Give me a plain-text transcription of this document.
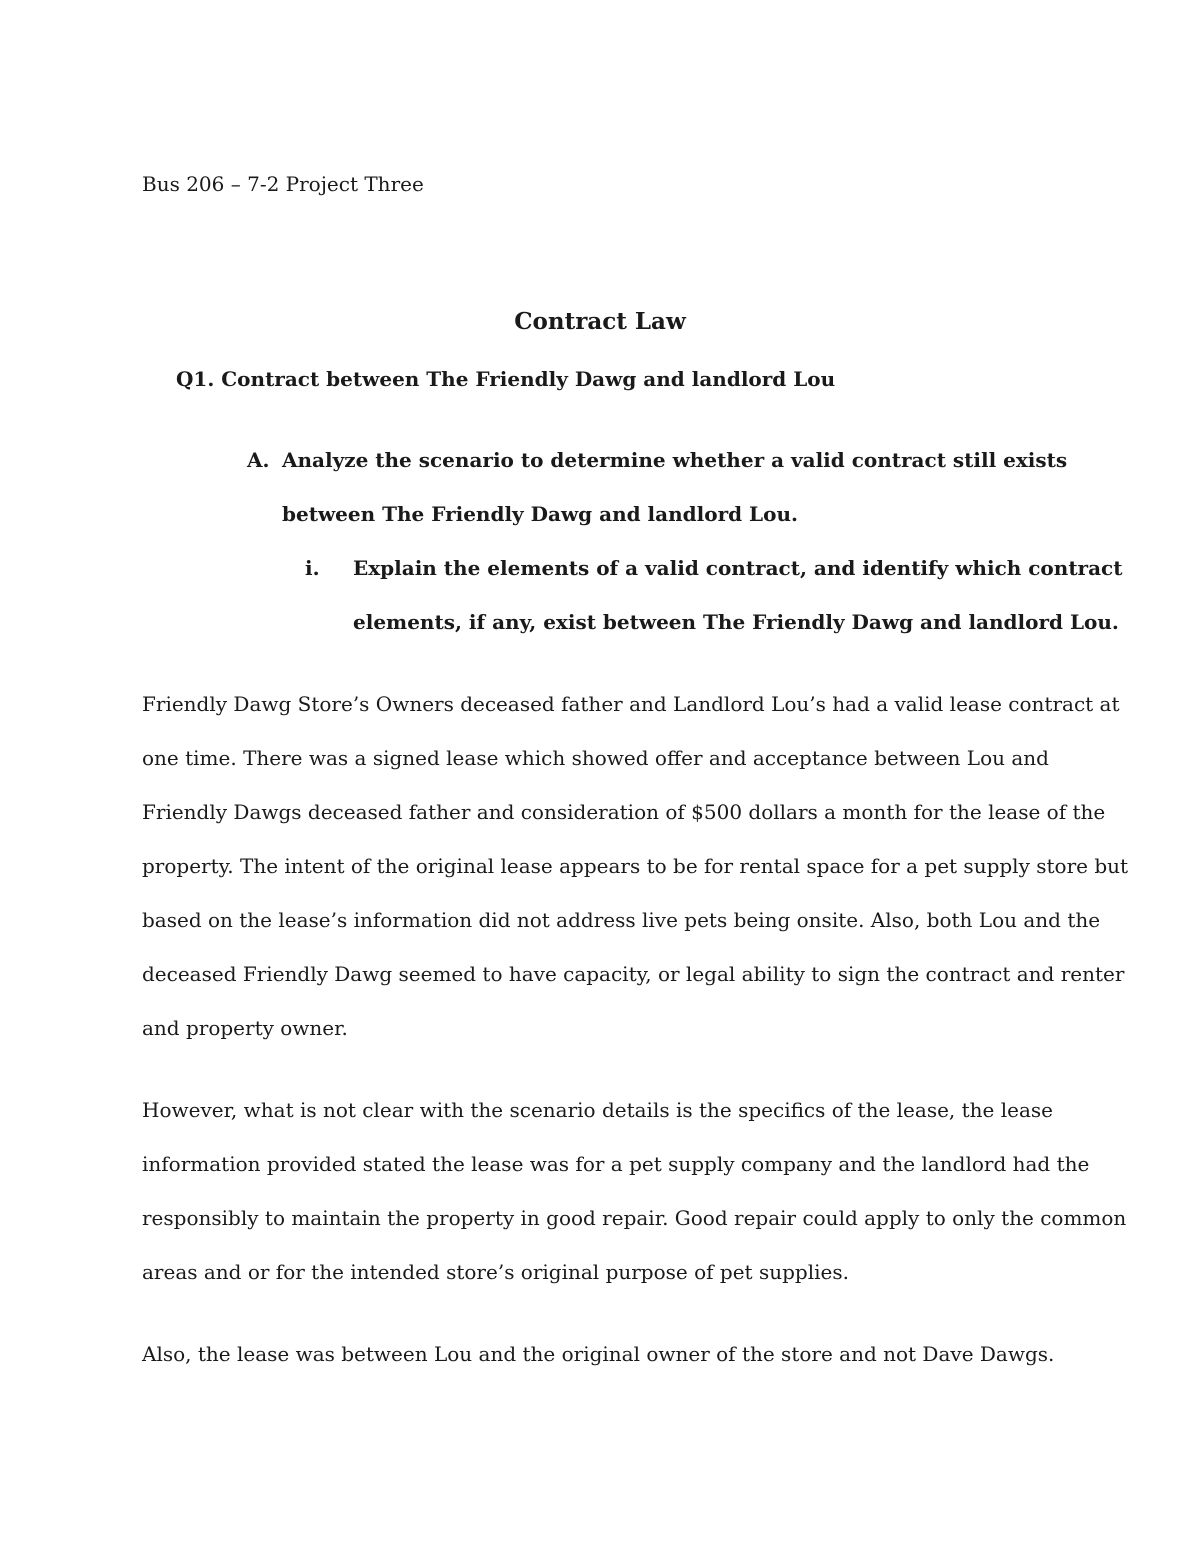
Bus 206 – 7-2 Project Three
Contract Law
Q1. Contract between The Friendly Dawg and landlord Lou
A. Analyze the scenario to determine whether a valid contract still exists
between The Friendly Dawg and landlord Lou.
i. Explain the elements of a valid contract, and identify which contract
elements, if any, exist between The Friendly Dawg and landlord Lou.
Friendly Dawg Store’s Owners deceased father and Landlord Lou’s had a valid lease contract at
one time. There was a signed lease which showed offer and acceptance between Lou and
Friendly Dawgs deceased father and consideration of $500 dollars a month for the lease of the
property. The intent of the original lease appears to be for rental space for a pet supply store but
based on the lease’s information did not address live pets being onsite. Also, both Lou and the
deceased Friendly Dawg seemed to have capacity, or legal ability to sign the contract and renter
and property owner.
However, what is not clear with the scenario details is the specifics of the lease, the lease
information provided stated the lease was for a pet supply company and the landlord had the
responsibly to maintain the property in good repair. Good repair could apply to only the common
areas and or for the intended store’s original purpose of pet supplies.
Also, the lease was between Lou and the original owner of the store and not Dave Dawgs.
